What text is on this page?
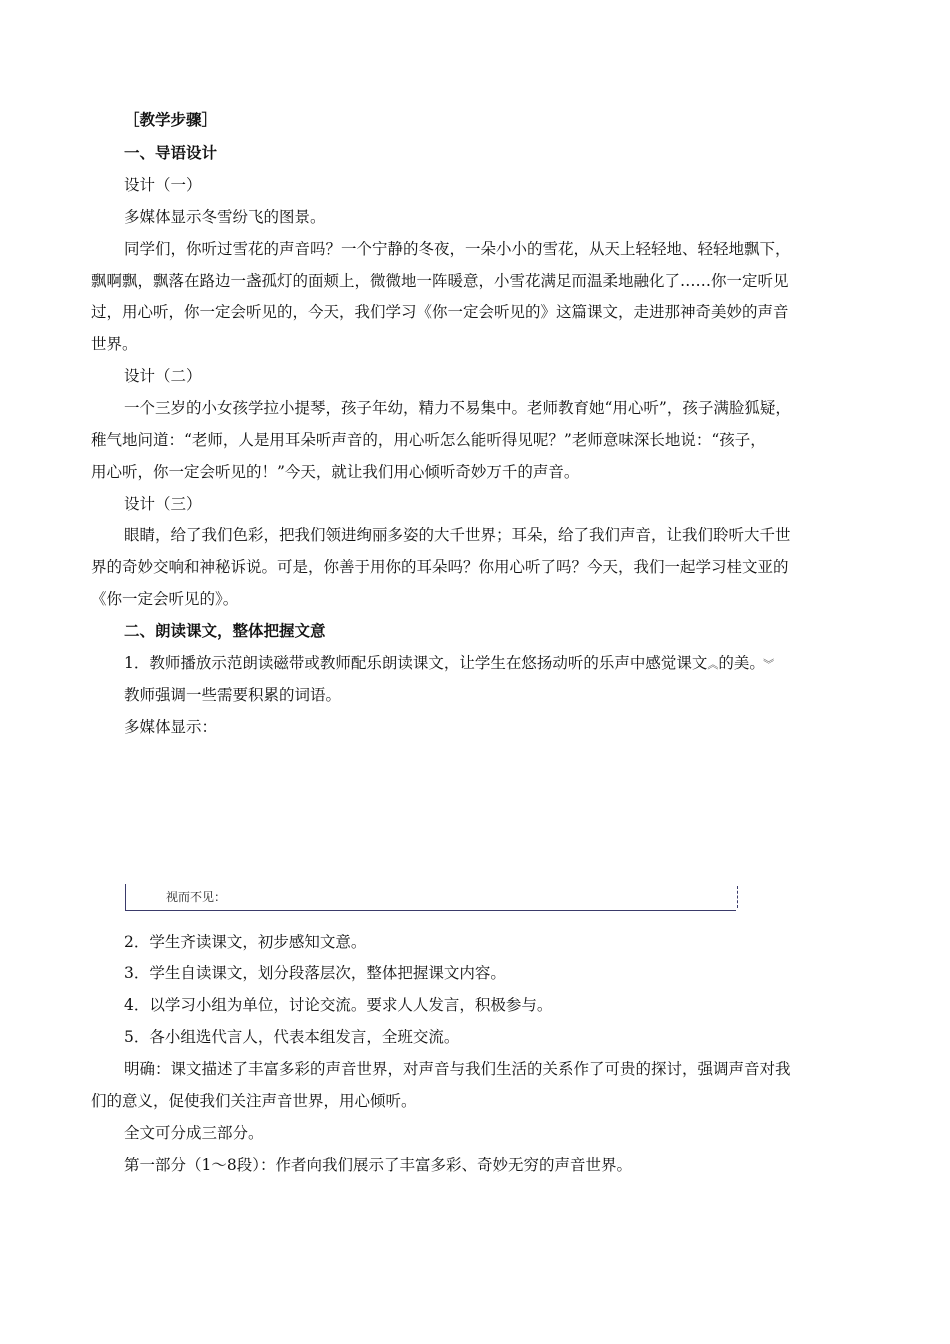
［教学步骤］
一、导语设计
设计（一）
多媒体显示冬雪纷飞的图景。
同学们，你听过雪花的声音吗？一个宁静的冬夜，一朵小小的雪花，从天上轻轻地、轻轻地飘下，
飘啊飘，飘落在路边一盏孤灯的面颊上，微微地一阵暖意，小雪花满足而温柔地融化了……你一定听见
过，用心听，你一定会听见的，今天，我们学习《你一定会听见的》这篇课文，走进那神奇美妙的声音
世界。
设计（二）
一个三岁的小女孩学拉小提琴，孩子年幼，精力不易集中。老师教育她“用心听”，孩子满脸狐疑，
稚气地问道：“老师，人是用耳朵听声音的，用心听怎么能听得见呢？”老师意味深长地说：“孩子，
用心听，你一定会听见的！”今天，就让我们用心倾听奇妙万千的声音。
设计（三）
眼睛，给了我们色彩，把我们领进绚丽多姿的大千世界；耳朵，给了我们声音，让我们聆听大千世
界的奇妙交响和神秘诉说。可是，你善于用你的耳朵吗？你用心听了吗？今天，我们一起学习桂文亚的
《你一定会听见的》。
二、朗读课文，整体把握文意
1．教师播放示范朗读磁带或教师配乐朗读课文，让学生在悠扬动听的乐声中感觉课文︽的美。 ︾
教师强调一些需要积累的词语。
多媒体显示：
视而不见：
2．学生齐读课文，初步感知文意。
3．学生自读课文，划分段落层次，整体把握课文内容。
4．以学习小组为单位，讨论交流。要求人人发言，积极参与。
5．各小组选代言人，代表本组发言，全班交流。
明确：课文描述了丰富多彩的声音世界，对声音与我们生活的关系作了可贵的探讨，强调声音对我
们的意义，促使我们关注声音世界，用心倾听。
全文可分成三部分。
第一部分（1～8段）：作者向我们展示了丰富多彩、奇妙无穷的声音世界。
